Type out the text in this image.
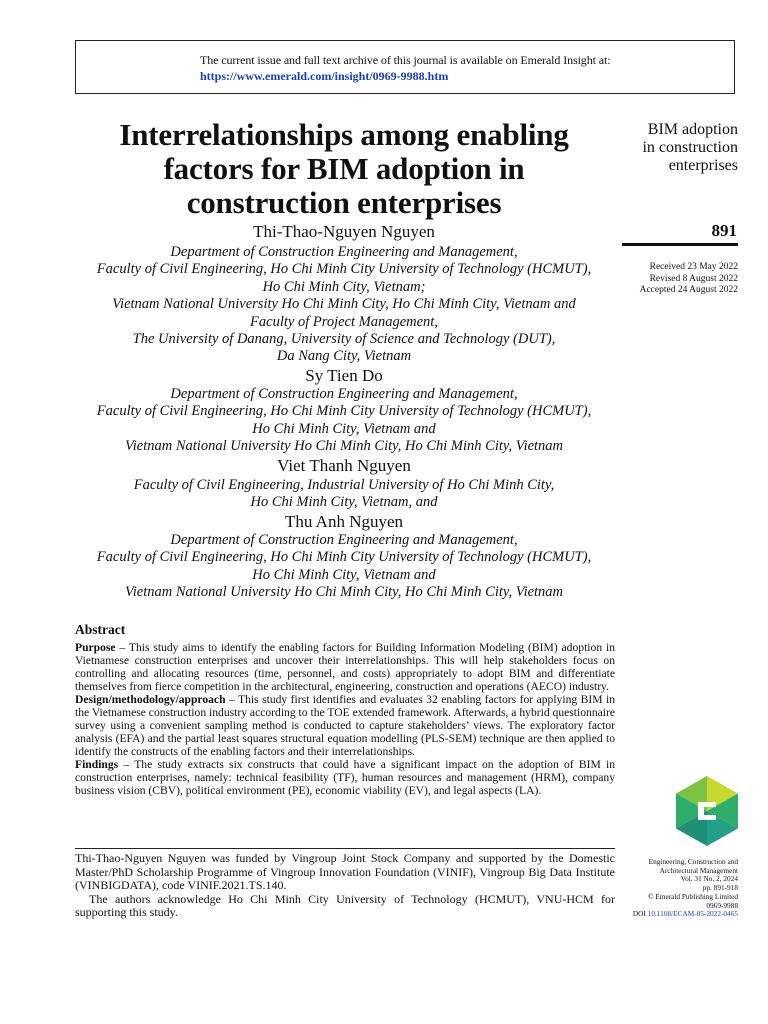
The current issue and full text archive of this journal is available on Emerald Insight at:
https://www.emerald.com/insight/0969-9988.htm
Interrelationships among enabling
factors for BIM adoption in
construction enterprises
Thi-Thao-Nguyen Nguyen
Department of Construction Engineering and Management,
Faculty of Civil Engineering, Ho Chi Minh City University of Technology (HCMUT),
Ho Chi Minh City, Vietnam;
Vietnam National University Ho Chi Minh City, Ho Chi Minh City, Vietnam and
Faculty of Project Management,
The University of Danang, University of Science and Technology (DUT),
Da Nang City, Vietnam
Sy Tien Do
Department of Construction Engineering and Management,
Faculty of Civil Engineering, Ho Chi Minh City University of Technology (HCMUT),
Ho Chi Minh City, Vietnam and
Vietnam National University Ho Chi Minh City, Ho Chi Minh City, Vietnam
Viet Thanh Nguyen
Faculty of Civil Engineering, Industrial University of Ho Chi Minh City,
Ho Chi Minh City, Vietnam, and
Thu Anh Nguyen
Department of Construction Engineering and Management,
Faculty of Civil Engineering, Ho Chi Minh City University of Technology (HCMUT),
Ho Chi Minh City, Vietnam and
Vietnam National University Ho Chi Minh City, Ho Chi Minh City, Vietnam
BIM adoption
in construction
enterprises
891
Received 23 May 2022
Revised 8 August 2022
Accepted 24 August 2022
Abstract

Purpose – This study aims to identify the enabling factors for Building Information Modeling (BIM) adoption in Vietnamese construction enterprises and uncover their interrelationships. This will help stakeholders focus on controlling and allocating resources (time, personnel, and costs) appropriately to adopt BIM and differentiate themselves from fierce competition in the architectural, engineering, construction and operations (AECO) industry.

Design/methodology/approach – This study first identifies and evaluates 32 enabling factors for applying BIM in the Vietnamese construction industry according to the TOE extended framework. Afterwards, a hybrid questionnaire survey using a convenient sampling method is conducted to capture stakeholders’ views. The exploratory factor analysis (EFA) and the partial least squares structural equation modelling (PLS-SEM) technique are then applied to identify the constructs of the enabling factors and their interrelationships.

Findings – The study extracts six constructs that could have a significant impact on the adoption of BIM in construction enterprises, namely: technical feasibility (TF), human resources and management (HRM), company business vision (CBV), political environment (PE), economic viability (EV), and legal aspects (LA).

Thi-Thao-Nguyen Nguyen was funded by Vingroup Joint Stock Company and supported by the Domestic Master/PhD Scholarship Programme of Vingroup Innovation Foundation (VINIF), Vingroup Big Data Institute (VINBIGDATA), code VINIF.2021.TS.140.

The authors acknowledge Ho Chi Minh City University of Technology (HCMUT), VNU-HCM for supporting this study.

Engineering, Construction and
Architectural Management
Vol. 31 No. 2, 2024
pp. 891-918
© Emerald Publishing Limited
0969-9988
DOI 10.1108/ECAM-05-2022-0465
